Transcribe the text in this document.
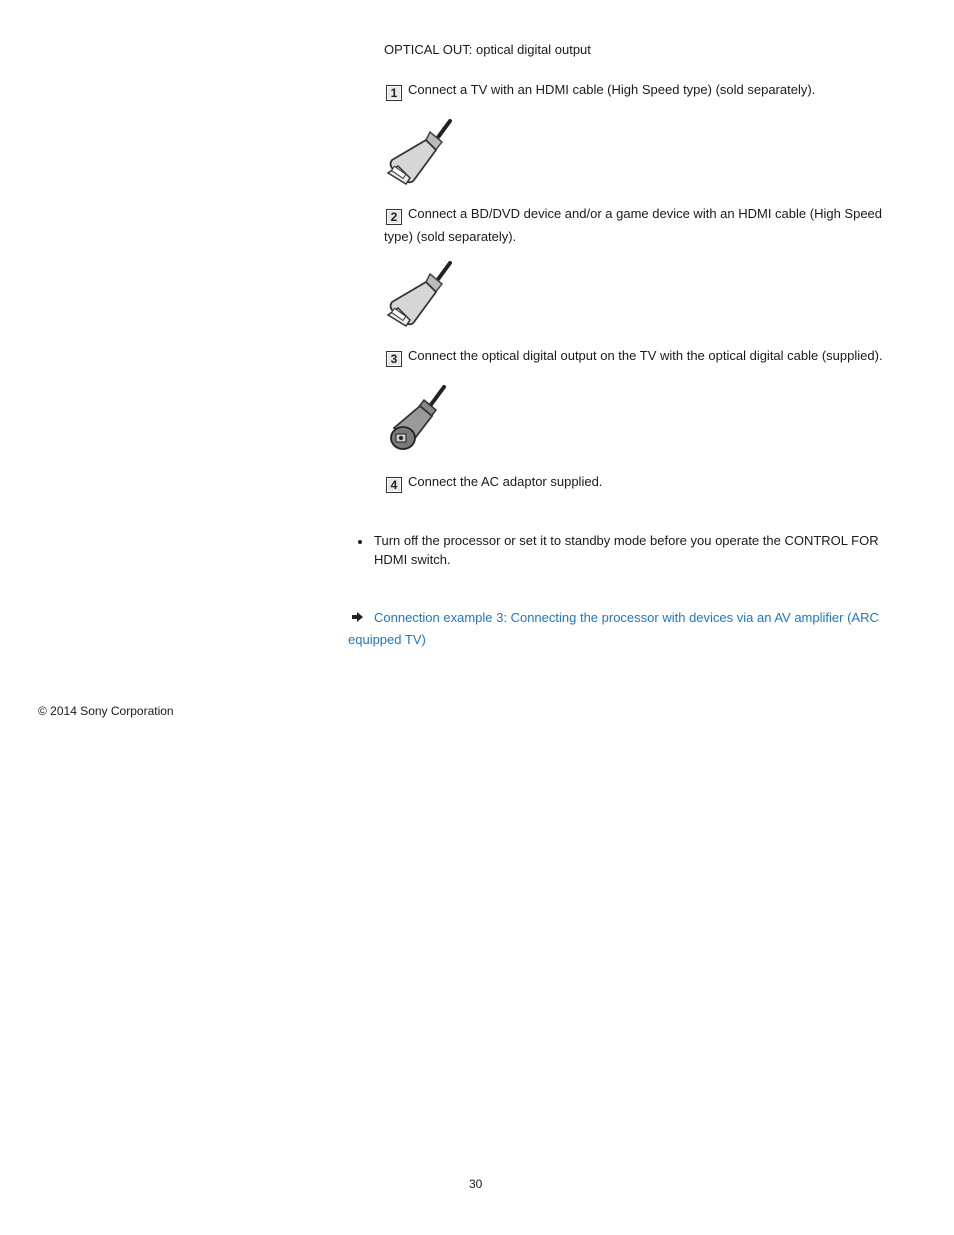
OPTICAL OUT: optical digital output
1 Connect a TV with an HDMI cable (High Speed type) (sold separately).
2 Connect a BD/DVD device and/or a game device with an HDMI cable (High Speed
type) (sold separately).
3 Connect the optical digital output on the TV with the optical digital cable (supplied).
4 Connect the AC adaptor supplied.
Turn off the processor or set it to standby mode before you operate the CONTROL FOR
HDMI switch.
Connection example 3: Connecting the processor with devices via an AV amplifier (ARC
equipped TV)
© 2014 Sony Corporation
30
